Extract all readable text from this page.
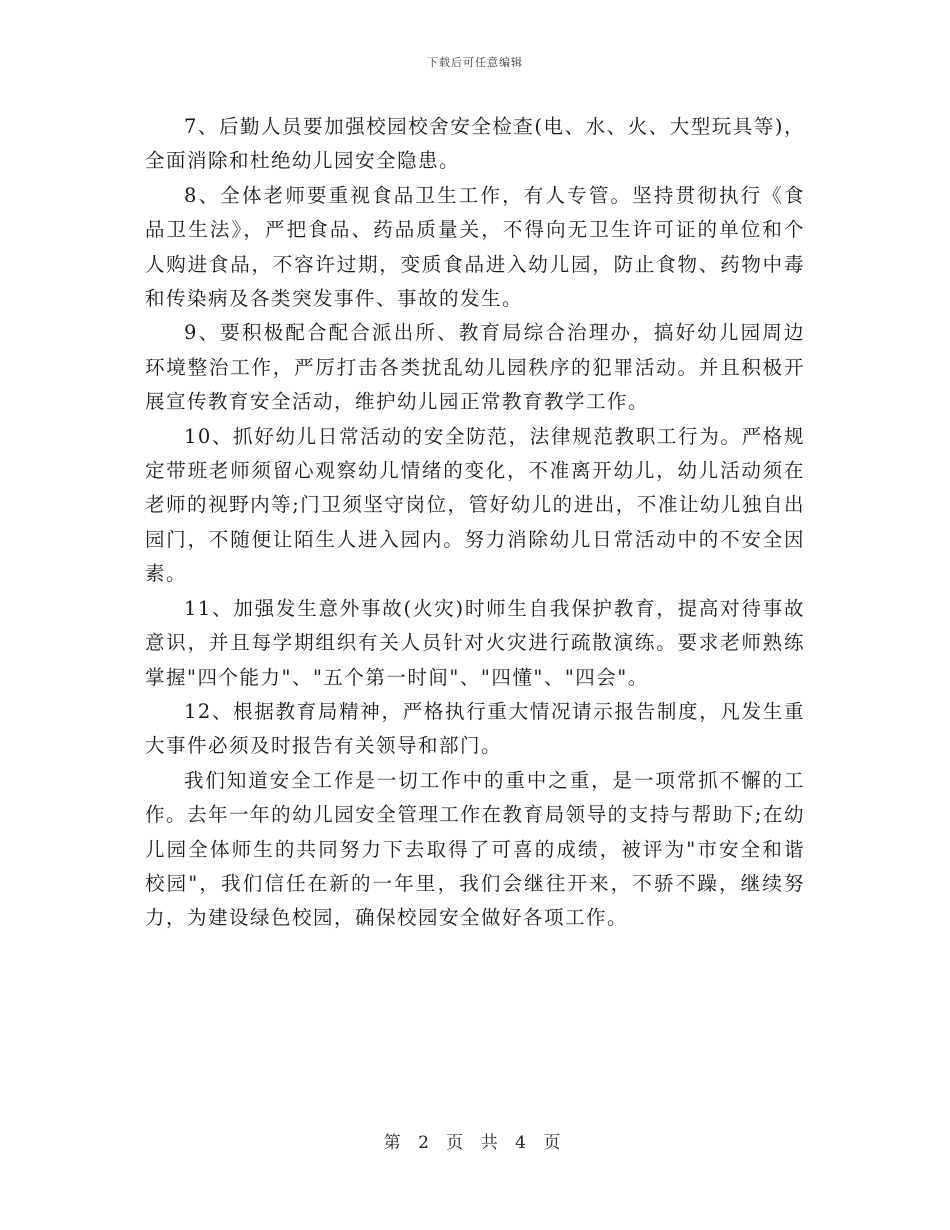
下载后可任意编辑

7、后勤人员要加强校园校舍安全检查(电、水、火、大型玩具等)，全面消除和杜绝幼儿园安全隐患。

8、全体老师要重视食品卫生工作，有人专管。坚持贯彻执行《食品卫生法》，严把食品、药品质量关，不得向无卫生许可证的单位和个人购进食品，不容许过期，变质食品进入幼儿园，防止食物、药物中毒和传染病及各类突发事件、事故的发生。

9、要积极配合配合派出所、教育局综合治理办，搞好幼儿园周边环境整治工作，严厉打击各类扰乱幼儿园秩序的犯罪活动。并且积极开展宣传教育安全活动，维护幼儿园正常教育教学工作。

10、抓好幼儿日常活动的安全防范，法律规范教职工行为。严格规定带班老师须留心观察幼儿情绪的变化，不准离开幼儿，幼儿活动须在老师的视野内等;门卫须坚守岗位，管好幼儿的进出，不准让幼儿独自出园门，不随便让陌生人进入园内。努力消除幼儿日常活动中的不安全因素。

11、加强发生意外事故(火灾)时师生自我保护教育，提高对待事故意识，并且每学期组织有关人员针对火灾进行疏散演练。要求老师熟练掌握"四个能力"、"五个第一时间"、"四懂"、"四会"。

12、根据教育局精神，严格执行重大情况请示报告制度，凡发生重大事件必须及时报告有关领导和部门。

我们知道安全工作是一切工作中的重中之重，是一项常抓不懈的工作。去年一年的幼儿园安全管理工作在教育局领导的支持与帮助下;在幼儿园全体师生的共同努力下去取得了可喜的成绩，被评为"市安全和谐校园"，我们信任在新的一年里，我们会继往开来，不骄不躁，继续努力，为建设绿色校园，确保校园安全做好各项工作。

第 2 页 共 4 页
